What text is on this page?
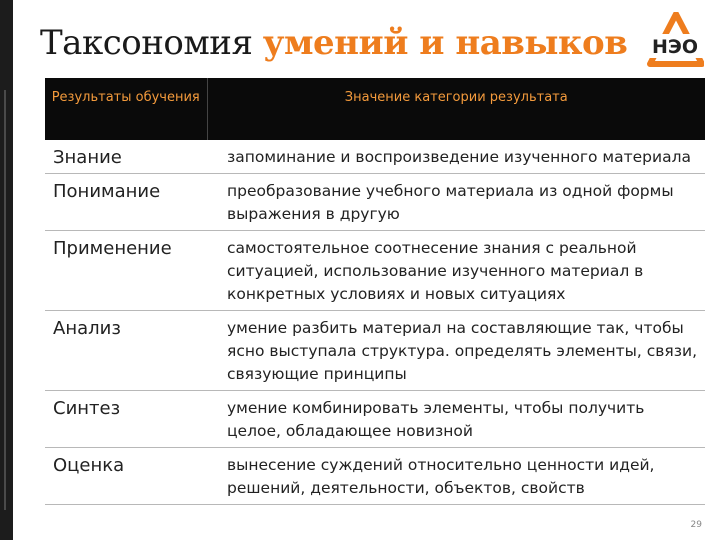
Таксономия умений и навыков	НЭО
Результаты обучения	Значение категории результата
Знание	запоминание и воспроизведение изученного материала
Понимание	преобразование учебного материала из одной формы выражения в другую
Применение	самостоятельное соотнесение знания с реальной ситуацией, использование изученного материал в конкретных условиях и новых ситуациях
Анализ	умение разбить материал на составляющие так, чтобы ясно выступала структура. определять элементы, связи, связующие принципы
Синтез	умение комбинировать элементы, чтобы получить целое, обладающее новизной
Оценка	вынесение суждений относительно ценности идей, решений, деятельности, объектов, свойств
29
